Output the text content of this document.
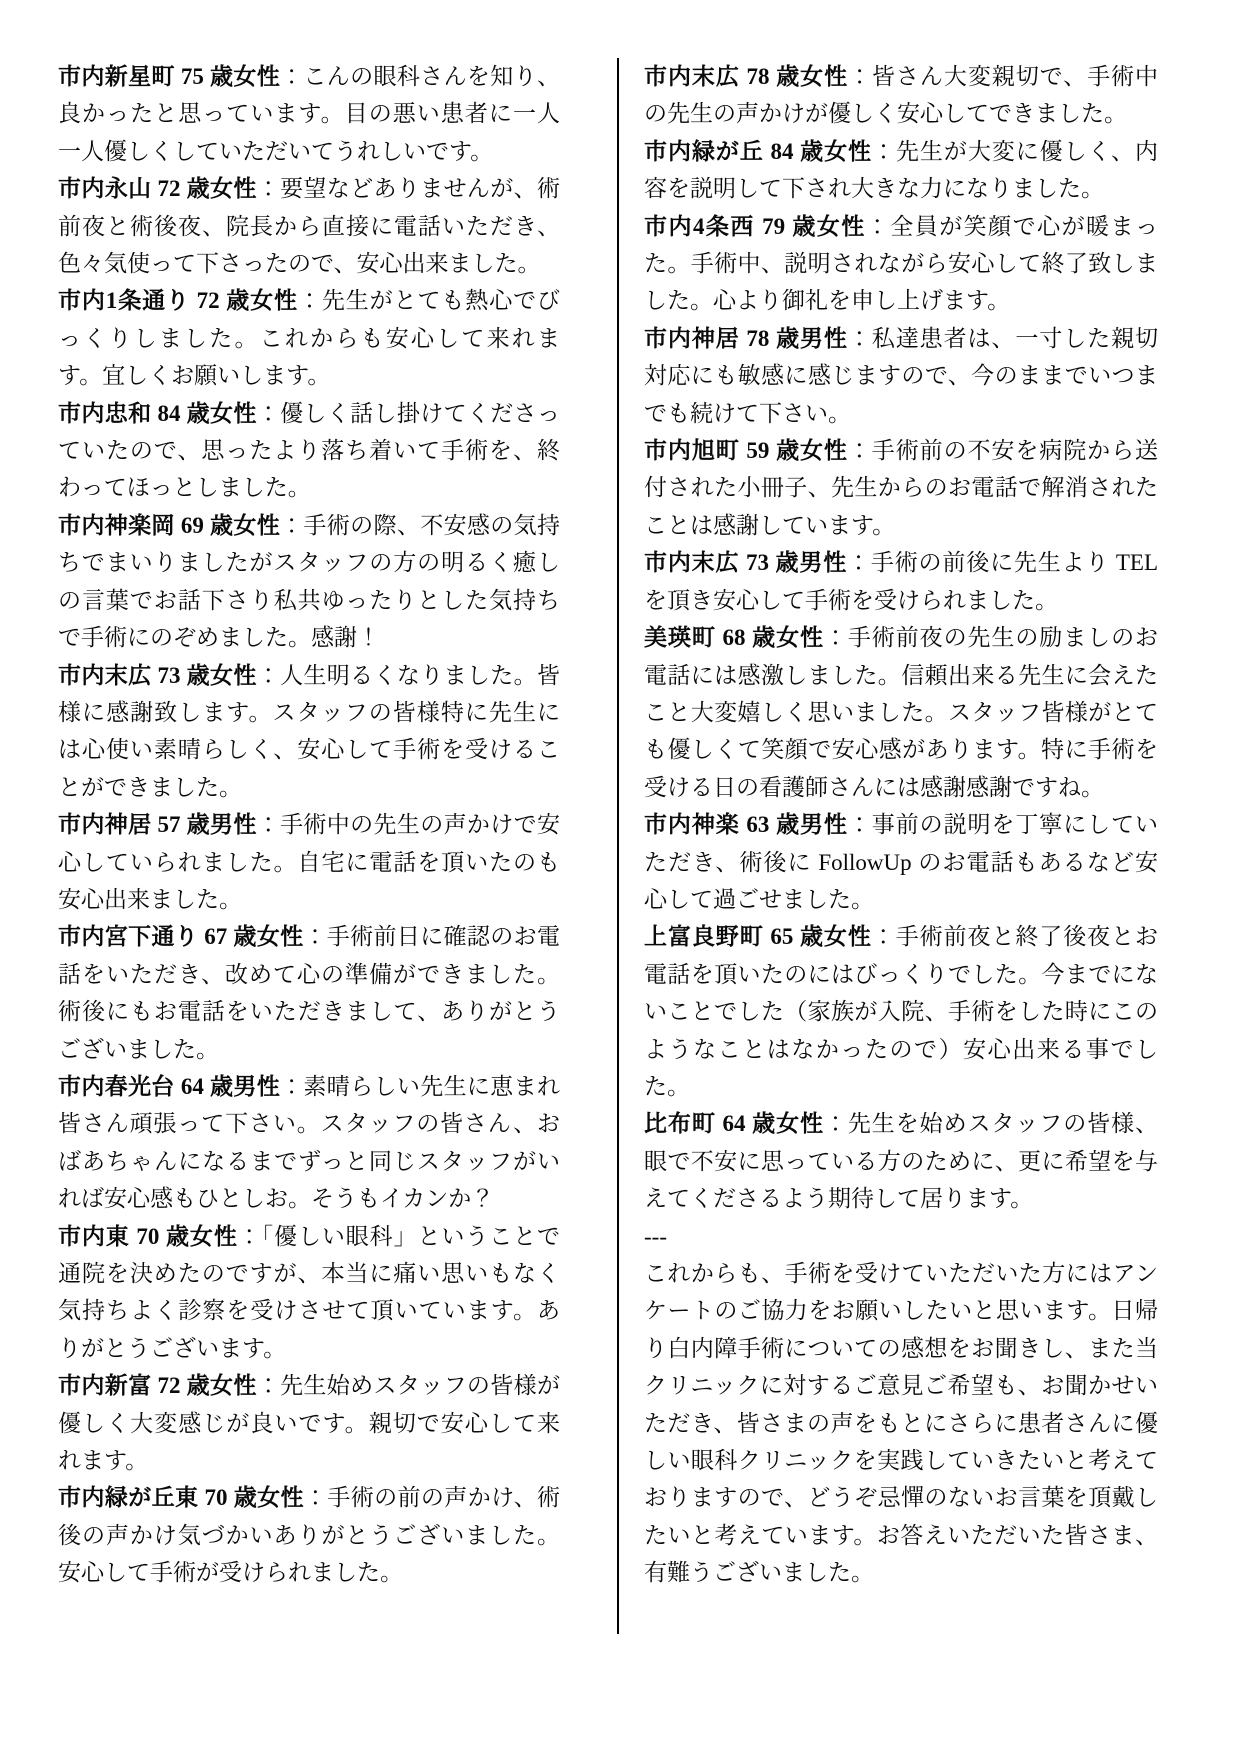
市内新星町 75 歳女性：こんの眼科さんを知り、良かったと思っています。目の悪い患者に一人一人優しくしていただいてうれしいです。

市内永山 72 歳女性：要望などありませんが、術前夜と術後夜、院長から直接に電話いただき、色々気使って下さったので、安心出来ました。

市内1条通り 72 歳女性：先生がとても熱心でびっくりしました。これからも安心して来れます。宜しくお願いします。

市内忠和 84 歳女性：優しく話し掛けてくださっていたので、思ったより落ち着いて手術を、終わってほっとしました。

市内神楽岡 69 歳女性：手術の際、不安感の気持ちでまいりましたがスタッフの方の明るく癒しの言葉でお話下さり私共ゆったりとした気持ちで手術にのぞめました。感謝！

市内末広 73 歳女性：人生明るくなりました。皆様に感謝致します。スタッフの皆様特に先生には心使い素晴らしく、安心して手術を受けることができました。

市内神居 57 歳男性：手術中の先生の声かけで安心していられました。自宅に電話を頂いたのも安心出来ました。

市内宮下通り 67 歳女性：手術前日に確認のお電話をいただき、改めて心の準備ができました。術後にもお電話をいただきまして、ありがとうございました。

市内春光台 64 歳男性：素晴らしい先生に恵まれ皆さん頑張って下さい。スタッフの皆さん、おばあちゃんになるまでずっと同じスタッフがいれば安心感もひとしお。そうもイカンか？

市内東 70 歳女性：「優しい眼科」ということで通院を決めたのですが、本当に痛い思いもなく気持ちよく診察を受けさせて頂いています。ありがとうございます。

市内新富 72 歳女性：先生始めスタッフの皆様が優しく大変感じが良いです。親切で安心して来れます。

市内緑が丘東 70 歳女性：手術の前の声かけ、術後の声かけ気づかいありがとうございました。安心して手術が受けられました。

市内末広 78 歳女性：皆さん大変親切で、手術中の先生の声かけが優しく安心してできました。

市内緑が丘 84 歳女性：先生が大変に優しく、内容を説明して下され大きな力になりました。

市内4条西 79 歳女性：全員が笑顔で心が暖まった。手術中、説明されながら安心して終了致しました。心より御礼を申し上げます。

市内神居 78 歳男性：私達患者は、一寸した親切対応にも敏感に感じますので、今のままでいつまでも続けて下さい。

市内旭町 59 歳女性：手術前の不安を病院から送付された小冊子、先生からのお電話で解消されたことは感謝しています。

市内末広 73 歳男性：手術の前後に先生より TEL を頂き安心して手術を受けられました。

美瑛町 68 歳女性：手術前夜の先生の励ましのお電話には感激しました。信頼出来る先生に会えたこと大変嬉しく思いました。スタッフ皆様がとても優しくて笑顔で安心感があります。特に手術を受ける日の看護師さんには感謝感謝ですね。

市内神楽 63 歳男性：事前の説明を丁寧にしていただき、術後に FollowUp のお電話もあるなど安心して過ごせました。

上富良野町 65 歳女性：手術前夜と終了後夜とお電話を頂いたのにはびっくりでした。今までにないことでした（家族が入院、手術をした時にこのようなことはなかったので）安心出来る事でした。

比布町 64 歳女性：先生を始めスタッフの皆様、眼で不安に思っている方のために、更に希望を与えてくださるよう期待して居ります。

---

これからも、手術を受けていただいた方にはアンケートのご協力をお願いしたいと思います。日帰り白内障手術についての感想をお聞きし、また当クリニックに対するご意見ご希望も、お聞かせいただき、皆さまの声をもとにさらに患者さんに優しい眼科クリニックを実践していきたいと考えておりますので、どうぞ忌憚のないお言葉を頂戴したいと考えています。お答えいただいた皆さま、有難うございました。
